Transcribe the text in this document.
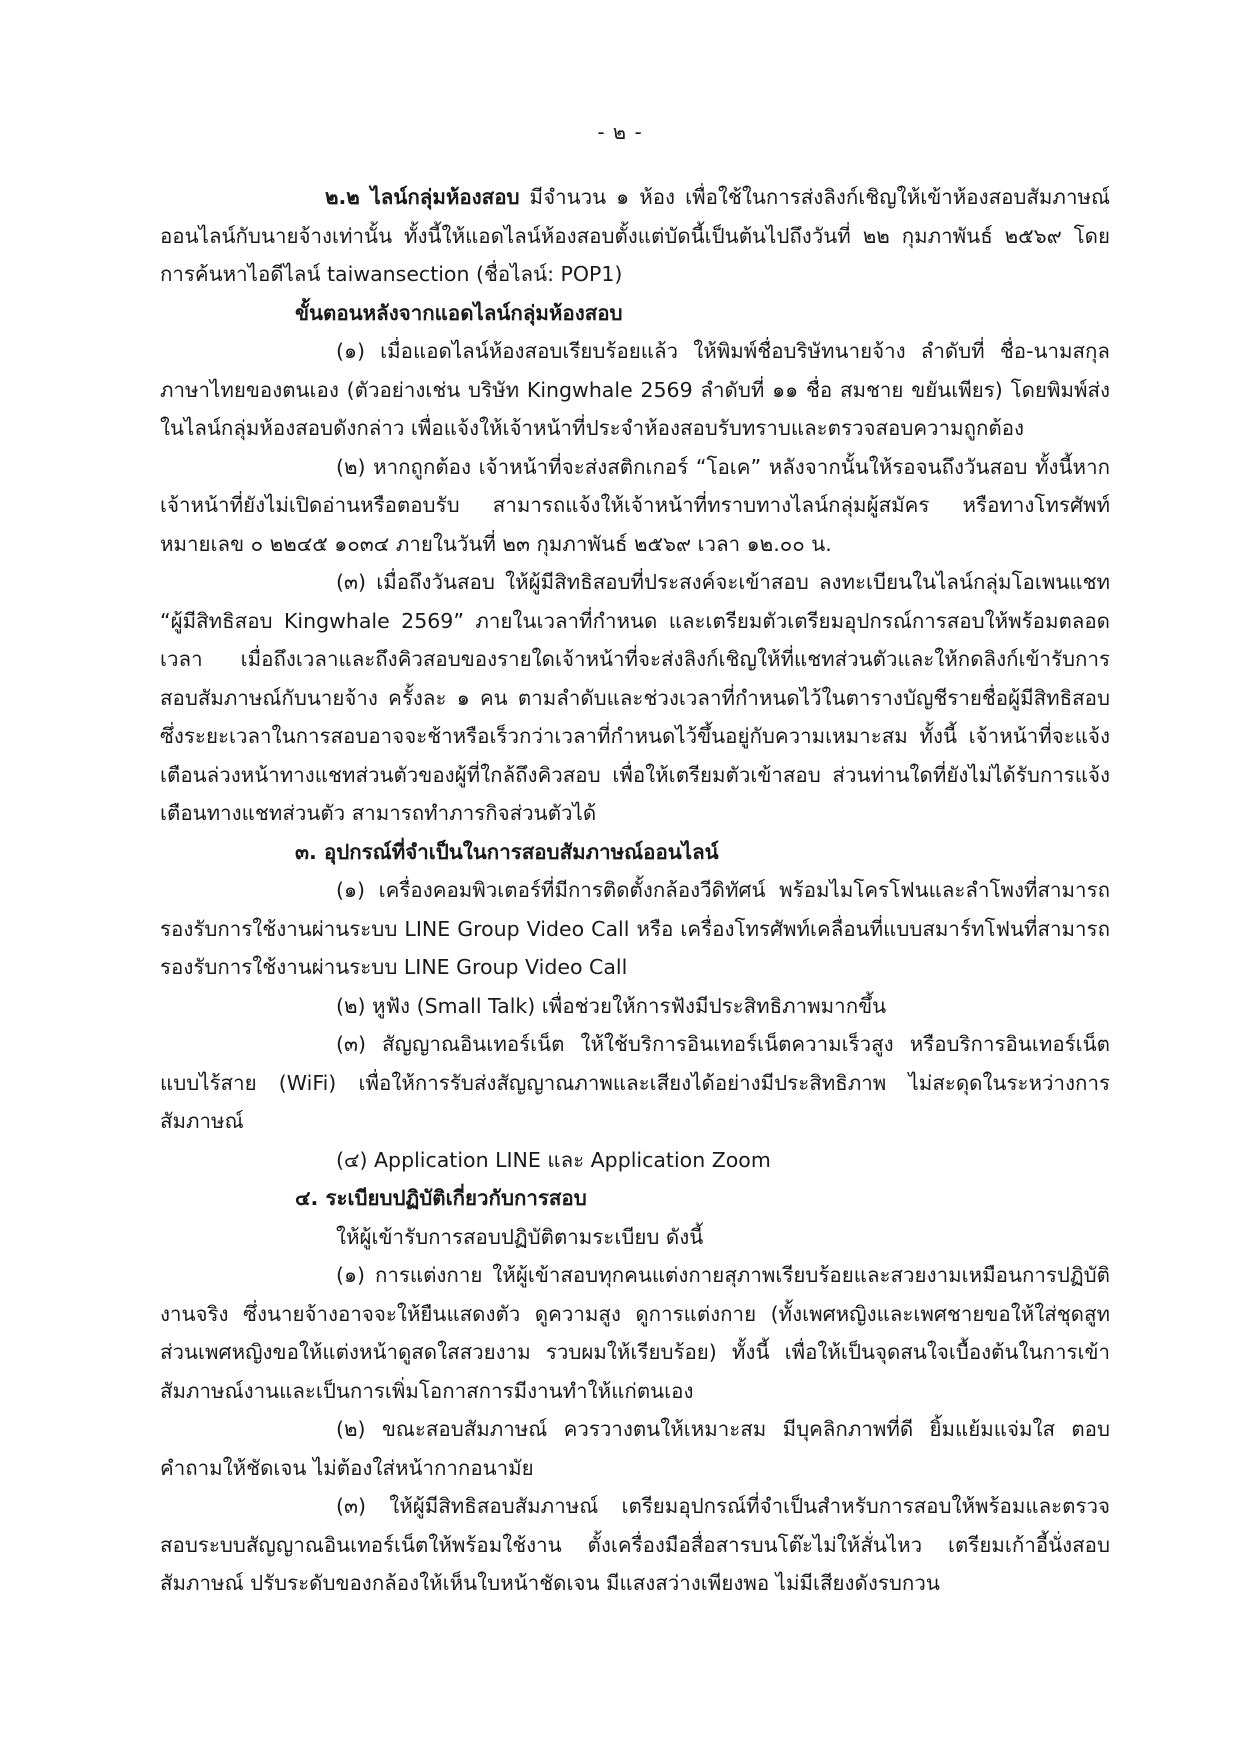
- ๒ -

๒.๒ ไลน์กลุ่มห้องสอบ มีจำนวน ๑ ห้อง เพื่อใช้ในการส่งลิงก์เชิญให้เข้าห้องสอบสัมภาษณ์ออนไลน์กับนายจ้างเท่านั้น ทั้งนี้ให้แอดไลน์ห้องสอบตั้งแต่บัดนี้เป็นต้นไปถึงวันที่ ๒๒ กุมภาพันธ์ ๒๕๖๙ โดยการค้นหาไอดีไลน์ taiwansection (ชื่อไลน์: POP1)

ขั้นตอนหลังจากแอดไลน์กลุ่มห้องสอบ

(๑) เมื่อแอดไลน์ห้องสอบเรียบร้อยแล้ว ให้พิมพ์ชื่อบริษัทนายจ้าง ลำดับที่ ชื่อ-นามสกุลภาษาไทยของตนเอง (ตัวอย่างเช่น บริษัท Kingwhale 2569 ลำดับที่ ๑๑ ชื่อ สมชาย ขยันเพียร) โดยพิมพ์ส่งในไลน์กลุ่มห้องสอบดังกล่าว เพื่อแจ้งให้เจ้าหน้าที่ประจำห้องสอบรับทราบและตรวจสอบความถูกต้อง

(๒) หากถูกต้อง เจ้าหน้าที่จะส่งสติกเกอร์ “โอเค” หลังจากนั้นให้รอจนถึงวันสอบ ทั้งนี้หากเจ้าหน้าที่ยังไม่เปิดอ่านหรือตอบรับ สามารถแจ้งให้เจ้าหน้าที่ทราบทางไลน์กลุ่มผู้สมัคร หรือทางโทรศัพท์หมายเลข ๐ ๒๒๔๕ ๑๐๓๔ ภายในวันที่ ๒๓ กุมภาพันธ์ ๒๕๖๙ เวลา ๑๒.๐๐ น.

(๓) เมื่อถึงวันสอบ ให้ผู้มีสิทธิสอบที่ประสงค์จะเข้าสอบ ลงทะเบียนในไลน์กลุ่มโอเพนแชท “ผู้มีสิทธิสอบ Kingwhale 2569” ภายในเวลาที่กำหนด และเตรียมตัวเตรียมอุปกรณ์การสอบให้พร้อมตลอดเวลา เมื่อถึงเวลาและถึงคิวสอบของรายใดเจ้าหน้าที่จะส่งลิงก์เชิญให้ที่แชทส่วนตัวและให้กดลิงก์เข้ารับการสอบสัมภาษณ์กับนายจ้าง ครั้งละ ๑ คน ตามลำดับและช่วงเวลาที่กำหนดไว้ในตารางบัญชีรายชื่อผู้มีสิทธิสอบ ซึ่งระยะเวลาในการสอบอาจจะช้าหรือเร็วกว่าเวลาที่กำหนดไว้ขึ้นอยู่กับความเหมาะสม ทั้งนี้ เจ้าหน้าที่จะแจ้งเตือนล่วงหน้าทางแชทส่วนตัวของผู้ที่ใกล้ถึงคิวสอบ เพื่อให้เตรียมตัวเข้าสอบ ส่วนท่านใดที่ยังไม่ได้รับการแจ้งเตือนทางแชทส่วนตัว สามารถทำภารกิจส่วนตัวได้

๓. อุปกรณ์ที่จำเป็นในการสอบสัมภาษณ์ออนไลน์

(๑) เครื่องคอมพิวเตอร์ที่มีการติดตั้งกล้องวีดิทัศน์ พร้อมไมโครโฟนและลำโพงที่สามารถรองรับการใช้งานผ่านระบบ LINE Group Video Call หรือ เครื่องโทรศัพท์เคลื่อนที่แบบสมาร์ทโฟนที่สามารถรองรับการใช้งานผ่านระบบ LINE Group Video Call

(๒) หูฟัง (Small Talk) เพื่อช่วยให้การฟังมีประสิทธิภาพมากขึ้น

(๓) สัญญาณอินเทอร์เน็ต ให้ใช้บริการอินเทอร์เน็ตความเร็วสูง หรือบริการอินเทอร์เน็ตแบบไร้สาย (WiFi) เพื่อให้การรับส่งสัญญาณภาพและเสียงได้อย่างมีประสิทธิภาพ ไม่สะดุดในระหว่างการสัมภาษณ์

(๔) Application LINE และ Application Zoom

๔. ระเบียบปฏิบัติเกี่ยวกับการสอบ

ให้ผู้เข้ารับการสอบปฏิบัติตามระเบียบ ดังนี้

(๑) การแต่งกาย ให้ผู้เข้าสอบทุกคนแต่งกายสุภาพเรียบร้อยและสวยงามเหมือนการปฏิบัติงานจริง ซึ่งนายจ้างอาจจะให้ยืนแสดงตัว ดูความสูง ดูการแต่งกาย (ทั้งเพศหญิงและเพศชายขอให้ใส่ชุดสูท ส่วนเพศหญิงขอให้แต่งหน้าดูสดใสสวยงาม รวบผมให้เรียบร้อย) ทั้งนี้ เพื่อให้เป็นจุดสนใจเบื้องต้นในการเข้าสัมภาษณ์งานและเป็นการเพิ่มโอกาสการมีงานทำให้แก่ตนเอง

(๒) ขณะสอบสัมภาษณ์ ควรวางตนให้เหมาะสม มีบุคลิกภาพที่ดี ยิ้มแย้มแจ่มใส ตอบคำถามให้ชัดเจน ไม่ต้องใส่หน้ากากอนามัย

(๓) ให้ผู้มีสิทธิสอบสัมภาษณ์ เตรียมอุปกรณ์ที่จำเป็นสำหรับการสอบให้พร้อมและตรวจสอบระบบสัญญาณอินเทอร์เน็ตให้พร้อมใช้งาน ตั้งเครื่องมือสื่อสารบนโต๊ะไม่ให้สั่นไหว เตรียมเก้าอี้นั่งสอบสัมภาษณ์ ปรับระดับของกล้องให้เห็นใบหน้าชัดเจน มีแสงสว่างเพียงพอ ไม่มีเสียงดังรบกวน
